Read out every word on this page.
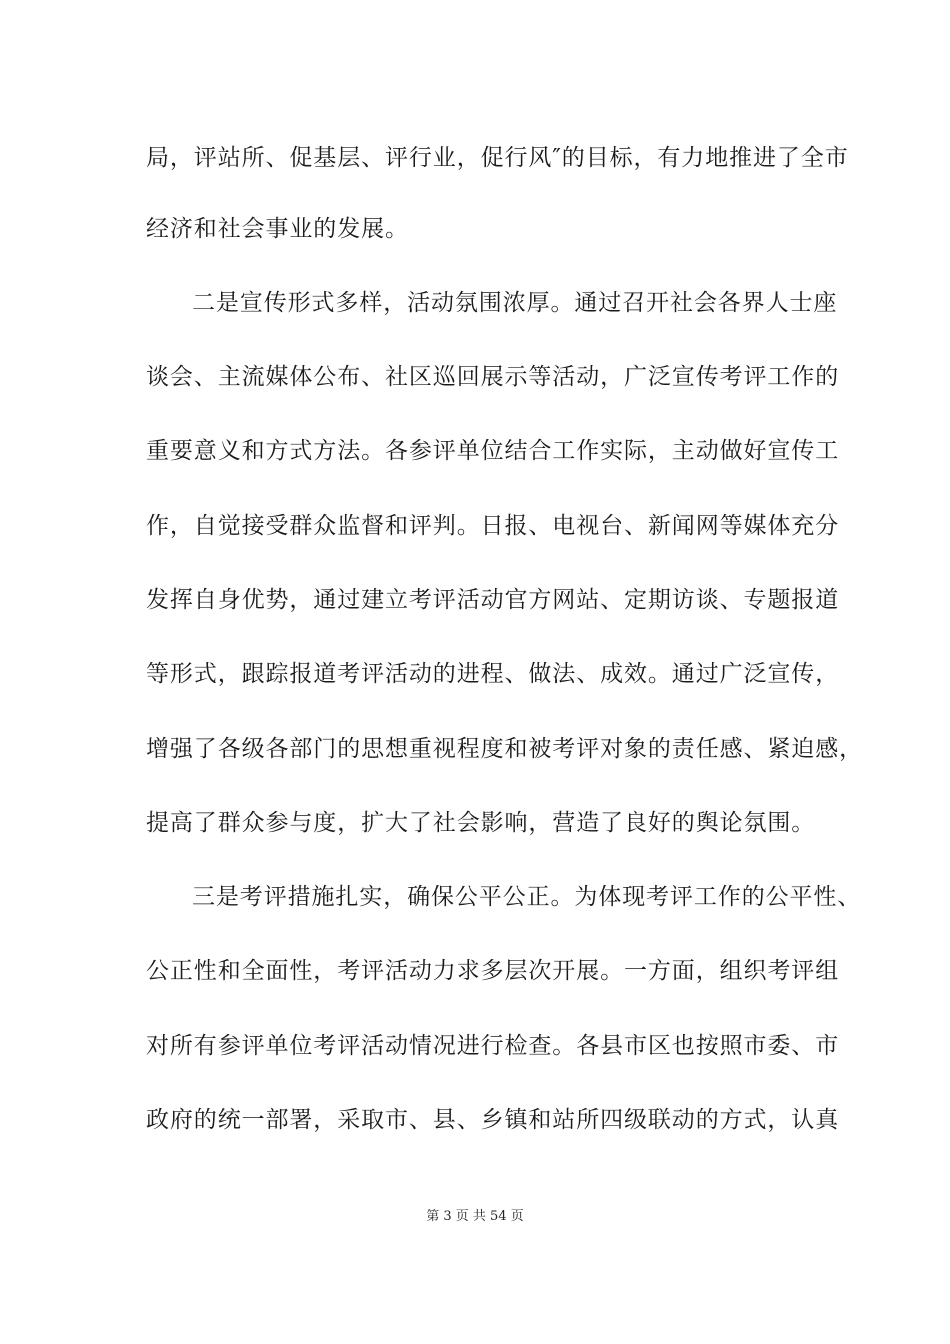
局，评站所、促基层、评行业，促行风″的目标，有力地推进了全市
经济和社会事业的发展。
二是宣传形式多样，活动氛围浓厚。通过召开社会各界人士座
谈会、主流媒体公布、社区巡回展示等活动，广泛宣传考评工作的
重要意义和方式方法。各参评单位结合工作实际，主动做好宣传工
作，自觉接受群众监督和评判。日报、电视台、新闻网等媒体充分
发挥自身优势，通过建立考评活动官方网站、定期访谈、专题报道
等形式，跟踪报道考评活动的进程、做法、成效。通过广泛宣传，
增强了各级各部门的思想重视程度和被考评对象的责任感、紧迫感，
提高了群众参与度，扩大了社会影响，营造了良好的舆论氛围。
三是考评措施扎实，确保公平公正。为体现考评工作的公平性、
公正性和全面性，考评活动力求多层次开展。一方面，组织考评组
对所有参评单位考评活动情况进行检查。各县市区也按照市委、市
政府的统一部署，采取市、县、乡镇和站所四级联动的方式，认真
第 3 页 共 54 页
